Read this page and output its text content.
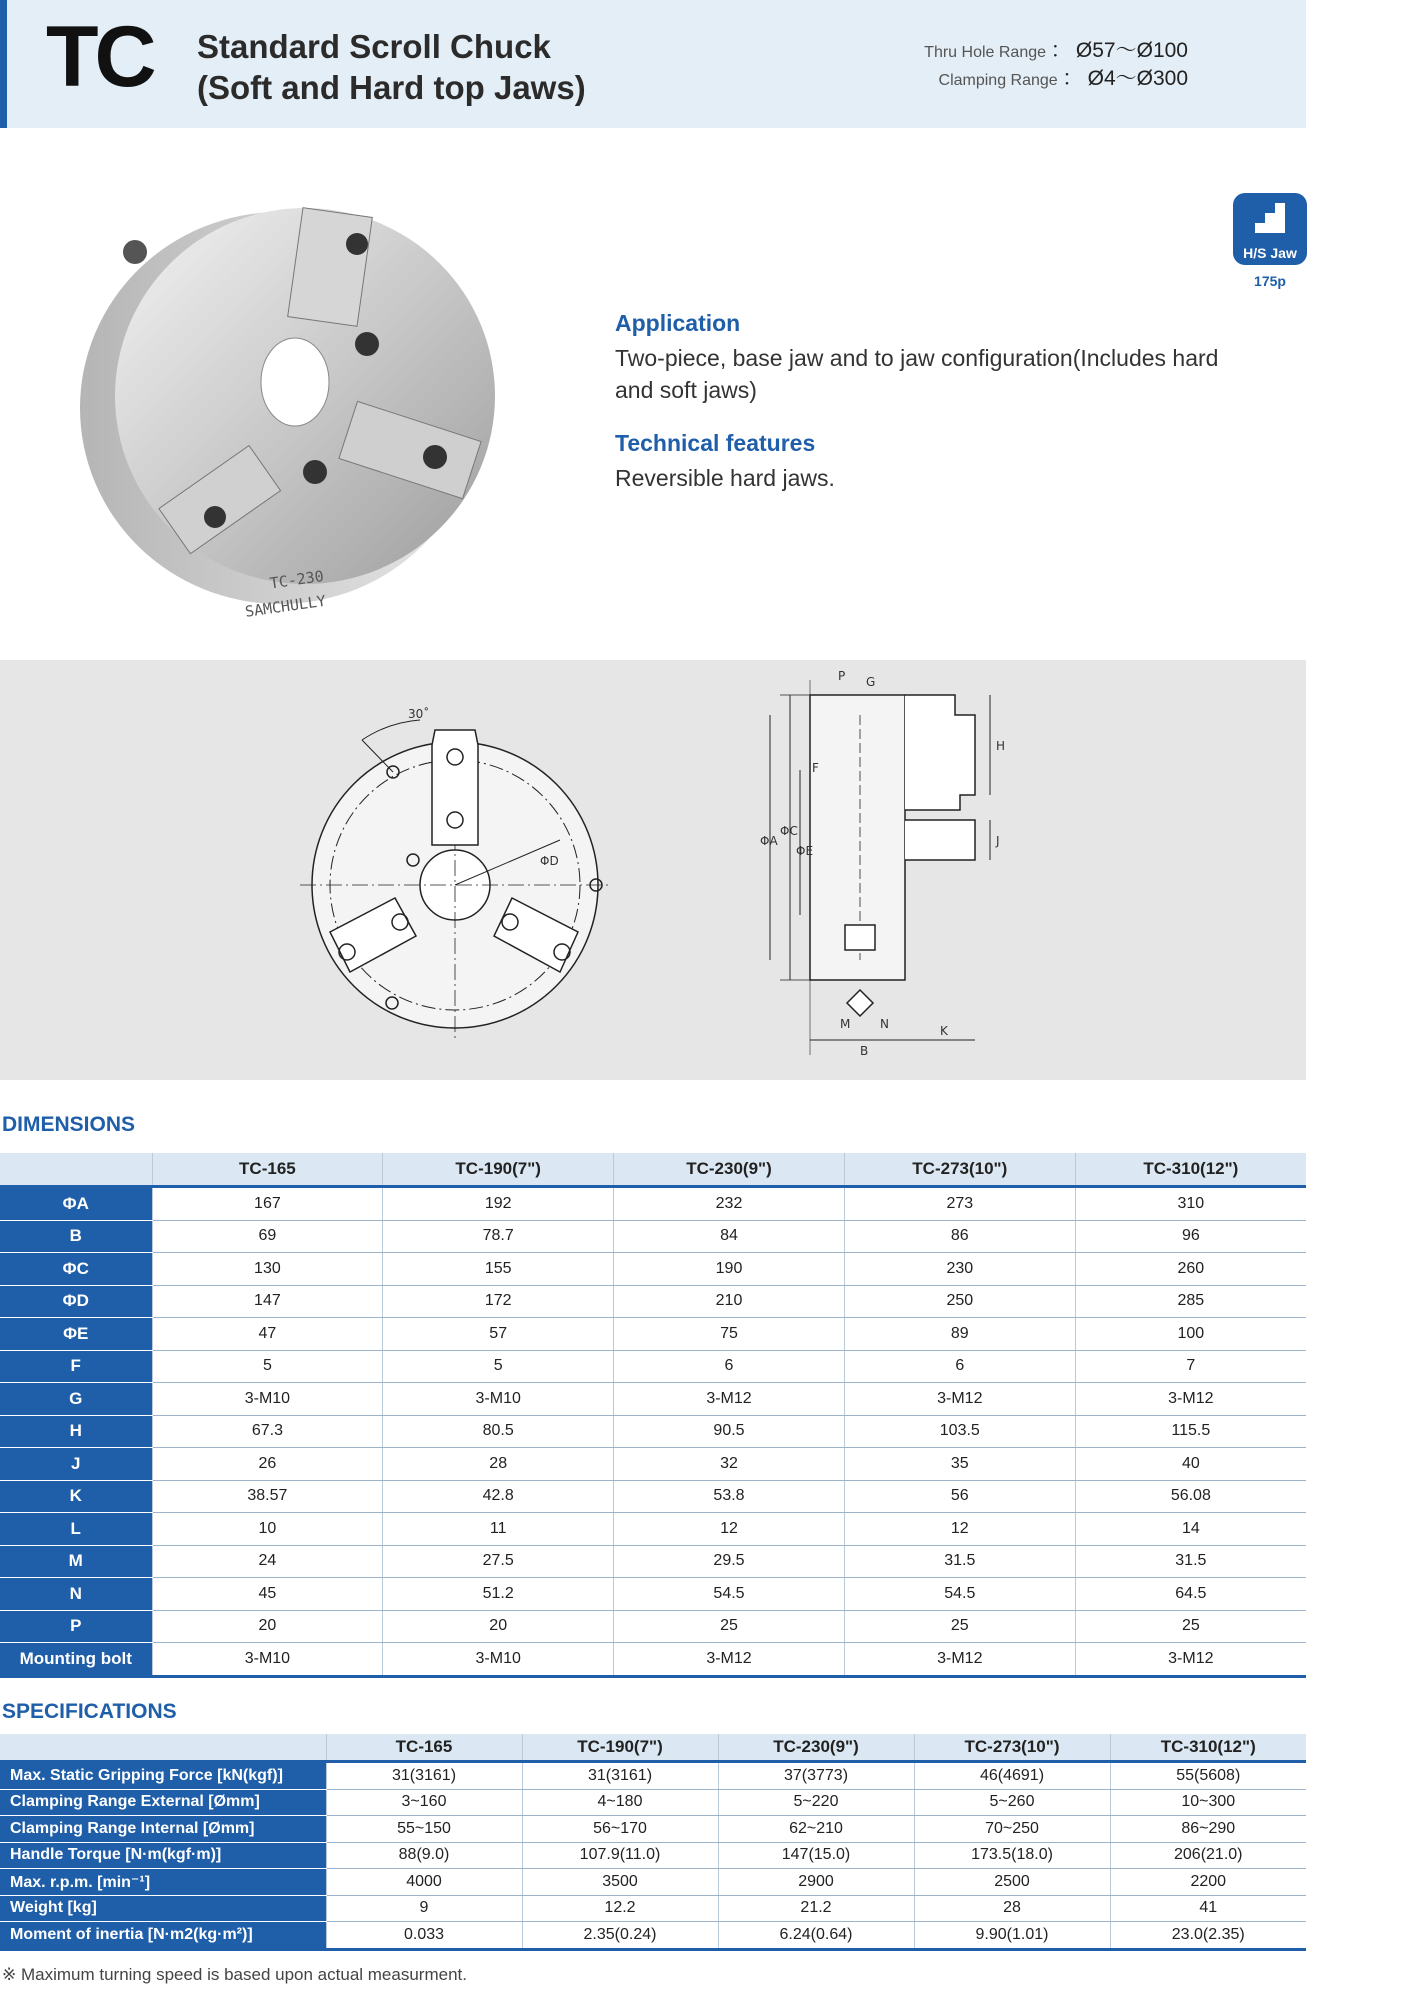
TC Standard Scroll Chuck
(Soft and Hard top Jaws)
Thru Hole Range ： Ø57～Ø100
Clamping Range ： Ø4～Ø300
TC-230
SAMCHULLY
H/S Jaw
175p
Application
Two-piece, base jaw and to jaw configuration(Includes hard
and soft jaws)
Technical features
Reversible hard jaws.
30˚
ΦD
ΦA
ΦC
ΦE
P G
F
H
J
M N
B
K
DIMENSIONS
	TC-165	TC-190(7")	TC-230(9")	TC-273(10")	TC-310(12")
ΦA	167	192	232	273	310
B	69	78.7	84	86	96
ΦC	130	155	190	230	260
ΦD	147	172	210	250	285
ΦE	47	57	75	89	100
F	5	5	6	6	7
G	3-M10	3-M10	3-M12	3-M12	3-M12
H	67.3	80.5	90.5	103.5	115.5
J	26	28	32	35	40
K	38.57	42.8	53.8	56	56.08
L	10	11	12	12	14
M	24	27.5	29.5	31.5	31.5
N	45	51.2	54.5	54.5	64.5
P	20	20	25	25	25
Mounting bolt	3-M10	3-M10	3-M12	3-M12	3-M12
SPECIFICATIONS
	TC-165	TC-190(7")	TC-230(9")	TC-273(10")	TC-310(12")
Max. Static Gripping Force [kN(kgf)]	31(3161)	31(3161)	37(3773)	46(4691)	55(5608)
Clamping Range External [Ømm]	3~160	4~180	5~220	5~260	10~300
Clamping Range Internal [Ømm]	55~150	56~170	62~210	70~250	86~290
Handle Torque [N·m(kgf·m)]	88(9.0)	107.9(11.0)	147(15.0)	173.5(18.0)	206(21.0)
Max. r.p.m. [min⁻¹]	4000	3500	2900	2500	2200
Weight [kg]	9	12.2	21.2	28	41
Moment of inertia [N·m2(kg·m²)]	0.033	2.35(0.24)	6.24(0.64)	9.90(1.01)	23.0(2.35)
※ Maximum turning speed is based upon actual measurment.
